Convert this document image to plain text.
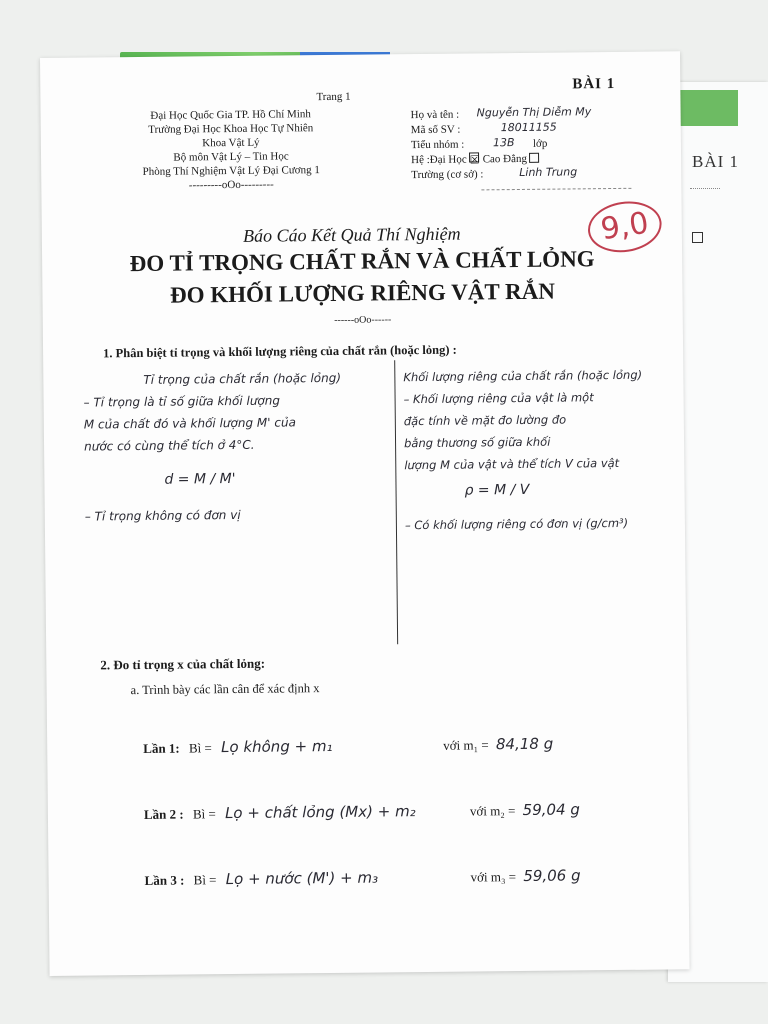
BÀI 1
Trang 1
BÀI 1
Đại Học Quốc Gia TP. Hồ Chí Minh
Trường Đại Học Khoa Học Tự Nhiên
Khoa Vật Lý
Bộ môn Vật Lý – Tin Học
Phòng Thí Nghiệm Vật Lý Đại Cương 1
---------oOo---------
Họ và tên : Nguyễn Thị Diễm My
Mã số SV :	18011155
Tiểu nhóm :	13B lớp
Hệ :Đại Học ☒ Cao Đẳng
Trường (cơ sở) :	Linh Trung
9,0
Báo Cáo Kết Quả Thí Nghiệm
ĐO TỈ TRỌNG CHẤT RẮN VÀ CHẤT LỎNG
ĐO KHỐI LƯỢNG RIÊNG VẬT RẮN
------oOo------
1. Phân biệt tỉ trọng và khối lượng riêng của chất rắn (hoặc lỏng) :
Tỉ trọng của chất rắn (hoặc lỏng)
– Tỉ trọng là tỉ số giữa khối lượng
M của chất đó và khối lượng M' của
nước có cùng thể tích ở 4°C.
d = M / M'
– Tỉ trọng không có đơn vị
Khối lượng riêng của chất rắn (hoặc lỏng)
– Khối lượng riêng của vật là một
đặc tính về mặt đo lường đo
bằng thương số giữa khối
lượng M của vật và thể tích V của vật
ρ = M / V
– Có khối lượng riêng có đơn vị (g/cm³)
2. Đo tỉ trọng x của chất lỏng:
a. Trình bày các lần cân để xác định x
Lần 1: Bì = Lọ không + m₁	với m₁ = 84,18 g
Lần 2 : Bì = Lọ + chất lỏng (Mx) + m₂	với m₂ = 59,04 g
Lần 3 : Bì = Lọ + nước (M') + m₃	với m₃ = 59,06 g
